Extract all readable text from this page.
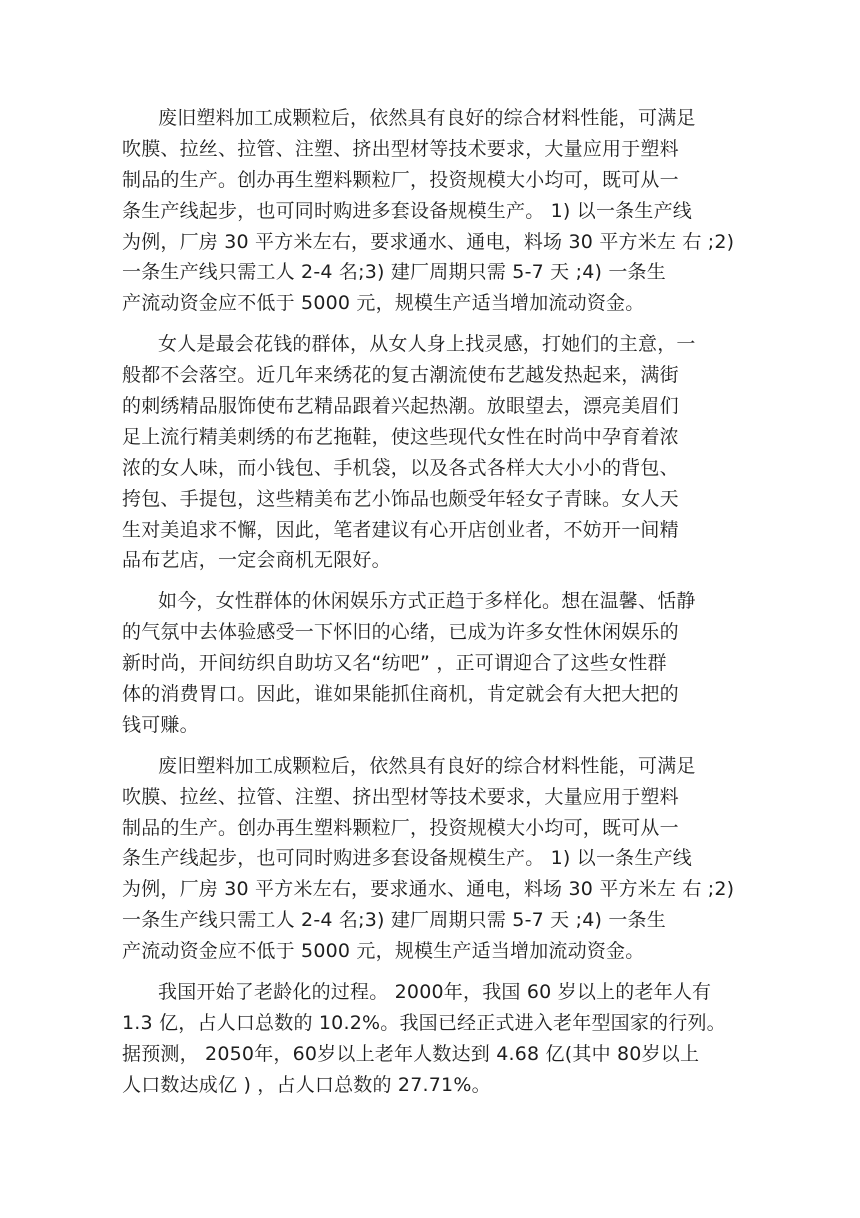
废旧塑料加工成颗粒后，依然具有良好的综合材料性能，可满足
吹膜、拉丝、拉管、注塑、挤出型材等技术要求，大量应用于塑料
制品的生产。创办再生塑料颗粒厂，投资规模大小均可，既可从一
条生产线起步，也可同时购进多套设备规模生产。 1) 以一条生产线
为例，厂房 30 平方米左右，要求通水、通电，料场 30 平方米左 右 ;2)
一条生产线只需工人 2-4 名;3) 建厂周期只需 5-7 天 ;4) 一条生
产流动资金应不低于 5000 元，规模生产适当增加流动资金。
女人是最会花钱的群体，从女人身上找灵感，打她们的主意，一
般都不会落空。近几年来绣花的复古潮流使布艺越发热起来，满街
的刺绣精品服饰使布艺精品跟着兴起热潮。放眼望去，漂亮美眉们
足上流行精美刺绣的布艺拖鞋，使这些现代女性在时尚中孕育着浓
浓的女人味，而小钱包、手机袋，以及各式各样大大小小的背包、
挎包、手提包，这些精美布艺小饰品也颇受年轻女子青睐。女人天
生对美追求不懈，因此，笔者建议有心开店创业者，不妨开一间精
品布艺店，一定会商机无限好。
如今，女性群体的休闲娱乐方式正趋于多样化。想在温馨、恬静
的气氛中去体验感受一下怀旧的心绪，已成为许多女性休闲娱乐的
新时尚，开间纺织自助坊又名“纺吧” ，正可谓迎合了这些女性群
体的消费胃口。因此，谁如果能抓住商机，肯定就会有大把大把的
钱可赚。
废旧塑料加工成颗粒后，依然具有良好的综合材料性能，可满足
吹膜、拉丝、拉管、注塑、挤出型材等技术要求，大量应用于塑料
制品的生产。创办再生塑料颗粒厂，投资规模大小均可，既可从一
条生产线起步，也可同时购进多套设备规模生产。 1) 以一条生产线
为例，厂房 30 平方米左右，要求通水、通电，料场 30 平方米左 右 ;2)
一条生产线只需工人 2-4 名;3) 建厂周期只需 5-7 天 ;4) 一条生
产流动资金应不低于 5000 元，规模生产适当增加流动资金。
我国开始了老龄化的过程。 2000年，我国 60 岁以上的老年人有
1.3 亿，占人口总数的 10.2%。我国已经正式进入老年型国家的行列。
据预测， 2050年，60岁以上老年人数达到 4.68 亿(其中 80岁以上
人口数达成亿 ) ，占人口总数的 27.71%。
